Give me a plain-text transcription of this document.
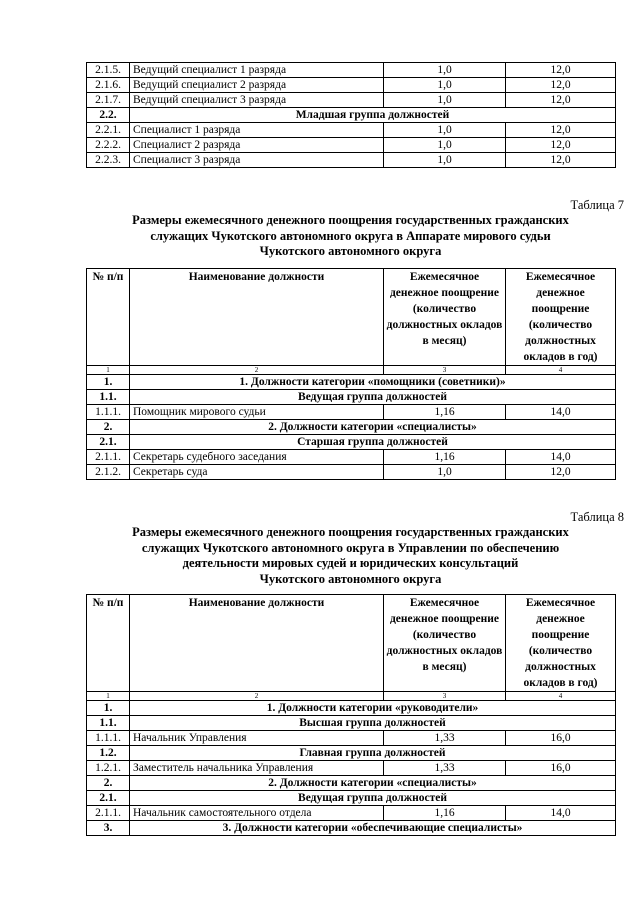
2.1.5.	Ведущий специалист 1 разряда	1,0	12,0
2.1.6.	Ведущий специалист 2 разряда	1,0	12,0
2.1.7.	Ведущий специалист 3 разряда	1,0	12,0
2.2.	Младшая группа должностей		
2.2.1.	Специалист 1 разряда	1,0	12,0
2.2.2.	Специалист 2 разряда	1,0	12,0
2.2.3.	Специалист 3 разряда	1,0	12,0
Таблица 7
Размеры ежемесячного денежного поощрения государственных гражданских
служащих Чукотского автономного округа в Аппарате мирового судьи
Чукотского автономного округа
№ п/п	Наименование должности	Ежемесячное денежное поощрение (количество должностных окладов в месяц)	Ежемесячное денежное поощрение (количество должностных окладов в год)
1	2	3	4
1.	1. Должности категории «помощники (советники)»		
1.1.	Ведущая группа должностей		
1.1.1.	Помощник мирового судьи	1,16	14,0
2.	2. Должности категории «специалисты»		
2.1.	Старшая группа должностей		
2.1.1.	Секретарь судебного заседания	1,16	14,0
2.1.2.	Секретарь суда	1,0	12,0
Таблица 8
Размеры ежемесячного денежного поощрения государственных гражданских
служащих Чукотского автономного округа в Управлении по обеспечению
деятельности мировых судей и юридических консультаций
Чукотского автономного округа
№ п/п	Наименование должности	Ежемесячное денежное поощрение (количество должностных окладов в месяц)	Ежемесячное денежное поощрение (количество должностных окладов в год)
1	2	3	4
1.	1. Должности категории «руководители»		
1.1.	Высшая группа должностей		
1.1.1.	Начальник Управления	1,33	16,0
1.2.	Главная группа должностей		
1.2.1.	Заместитель начальника Управления	1,33	16,0
2.	2. Должности категории «специалисты»		
2.1.	Ведущая группа должностей		
2.1.1.	Начальник самостоятельного отдела	1,16	14,0
3.	3. Должности категории «обеспечивающие специалисты»		
